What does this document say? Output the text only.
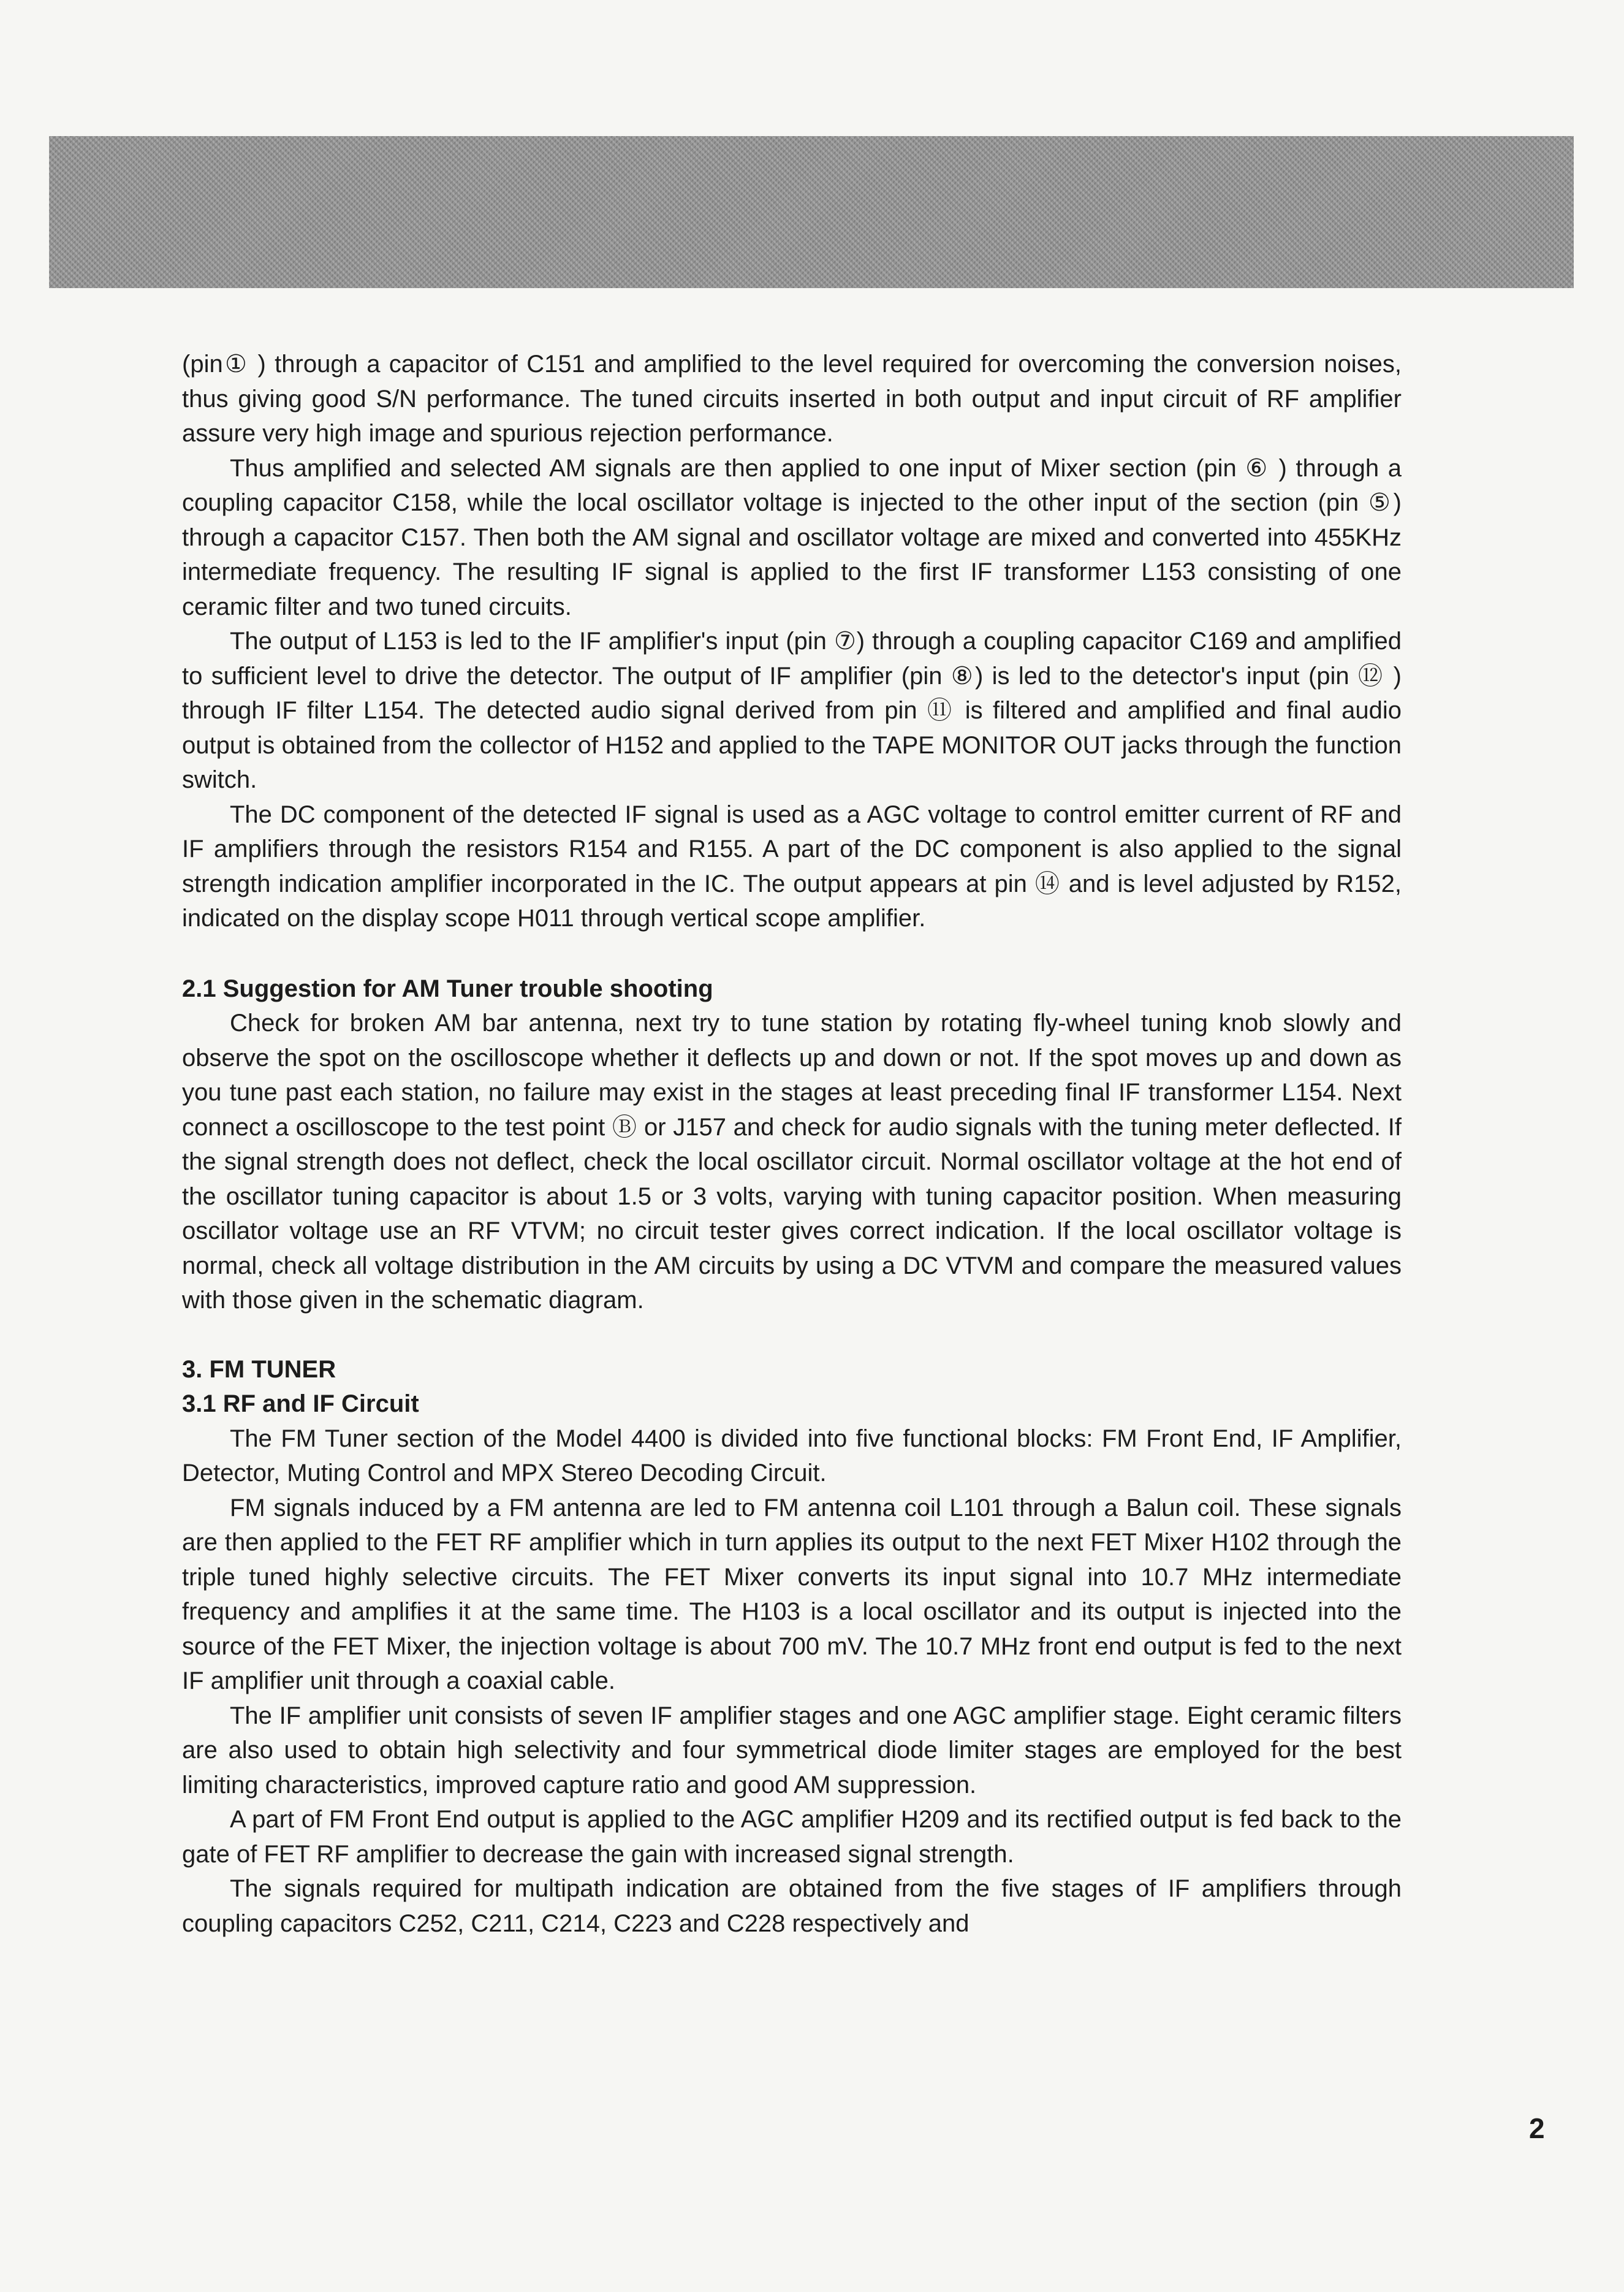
(pin① ) through a capacitor of C151 and amplified to the level required for overcoming the conversion noises, thus giving good S/N performance. The tuned circuits inserted in both output and input circuit of RF amplifier assure very high image and spurious rejection performance.

Thus amplified and selected AM signals are then applied to one input of Mixer section (pin ⑥ ) through a coupling capacitor C158, while the local oscillator voltage is injected to the other input of the section (pin ⑤) through a capacitor C157. Then both the AM signal and oscillator voltage are mixed and converted into 455KHz intermediate frequency. The resulting IF signal is applied to the first IF transformer L153 consisting of one ceramic filter and two tuned circuits.

The output of L153 is led to the IF amplifier's input (pin ⑦) through a coupling capacitor C169 and amplified to sufficient level to drive the detector. The output of IF amplifier (pin ⑧) is led to the detector's input (pin ⑫ ) through IF filter L154. The detected audio signal derived from pin ⑪ is filtered and amplified and final audio output is obtained from the collector of H152 and applied to the TAPE MONITOR OUT jacks through the function switch.

The DC component of the detected IF signal is used as a AGC voltage to control emitter current of RF and IF amplifiers through the resistors R154 and R155. A part of the DC component is also applied to the signal strength indication amplifier incorporated in the IC. The output appears at pin ⑭ and is level adjusted by R152, indicated on the display scope H011 through vertical scope amplifier.

2.1 Suggestion for AM Tuner trouble shooting

Check for broken AM bar antenna, next try to tune station by rotating fly-wheel tuning knob slowly and observe the spot on the oscilloscope whether it deflects up and down or not. If the spot moves up and down as you tune past each station, no failure may exist in the stages at least preceding final IF transformer L154. Next connect a oscilloscope to the test point Ⓑ or J157 and check for audio signals with the tuning meter deflected. If the signal strength does not deflect, check the local oscillator circuit. Normal oscillator voltage at the hot end of the oscillator tuning capacitor is about 1.5 or 3 volts, varying with tuning capacitor position. When measuring oscillator voltage use an RF VTVM; no circuit tester gives correct indication. If the local oscillator voltage is normal, check all voltage distribution in the AM circuits by using a DC VTVM and compare the measured values with those given in the schematic diagram.

3. FM TUNER

3.1 RF and IF Circuit

The FM Tuner section of the Model 4400 is divided into five functional blocks: FM Front End, IF Amplifier, Detector, Muting Control and MPX Stereo Decoding Circuit.

FM signals induced by a FM antenna are led to FM antenna coil L101 through a Balun coil. These signals are then applied to the FET RF amplifier which in turn applies its output to the next FET Mixer H102 through the triple tuned highly selective circuits. The FET Mixer converts its input signal into 10.7 MHz intermediate frequency and amplifies it at the same time. The H103 is a local oscillator and its output is injected into the source of the FET Mixer, the injection voltage is about 700 mV. The 10.7 MHz front end output is fed to the next IF amplifier unit through a coaxial cable.

The IF amplifier unit consists of seven IF amplifier stages and one AGC amplifier stage. Eight ceramic filters are also used to obtain high selectivity and four symmetrical diode limiter stages are employed for the best limiting characteristics, improved capture ratio and good AM suppression.

A part of FM Front End output is applied to the AGC amplifier H209 and its rectified output is fed back to the gate of FET RF amplifier to decrease the gain with increased signal strength.

The signals required for multipath indication are obtained from the five stages of IF amplifiers through coupling capacitors C252, C211, C214, C223 and C228 respectively and

2
